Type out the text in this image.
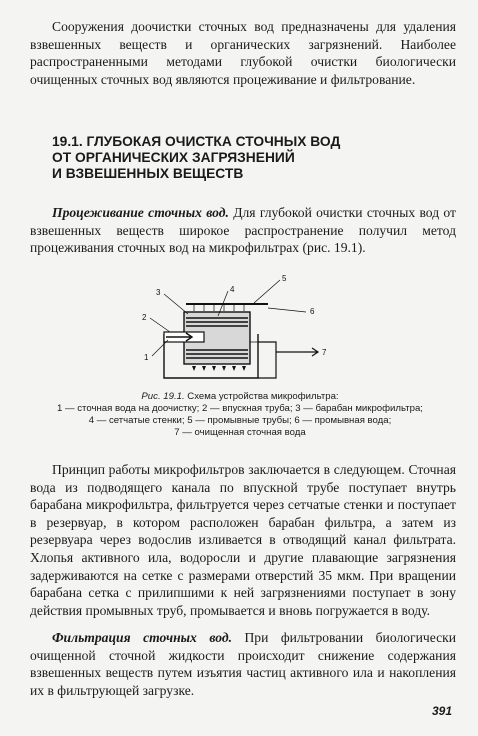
Сооружения доочистки сточных вод предназначены для удаления взвешенных веществ и органических загрязнений. Наиболее распространенными методами глубокой очистки биологически очищенных сточных вод являются процеживание и фильтрование.

19.1. ГЛУБОКАЯ ОЧИСТКА СТОЧНЫХ ВОД
ОТ ОРГАНИЧЕСКИХ ЗАГРЯЗНЕНИЙ
И ВЗВЕШЕННЫХ ВЕЩЕСТВ

Процеживание сточных вод. Для глубокой очистки сточных вод от взвешенных веществ широкое распространение получил метод процеживания сточных вод на микрофильтрах (рис. 19.1).

1
2
3	4
5
6
7

Рис. 19.1. Схема устройства микрофильтра:
1 — сточная вода на доочистку; 2 — впускная труба; 3 — барабан микрофильтра;
4 — сетчатые стенки; 5 — промывные трубы; 6 — промывная вода;
7 — очищенная сточная вода

Принцип работы микрофильтров заключается в следующем. Сточная вода из подводящего канала по впускной трубе поступает внутрь барабана микрофильтра, фильтруется через сетчатые стенки и поступает в резервуар, в котором расположен барабан фильтра, а затем из резервуара через водослив изливается в отводящий канал фильтрата. Хлопья активного ила, водоросли и другие плавающие загрязнения задерживаются на сетке с размерами отверстий 35 мкм. При вращении барабана сетка с прилипшими к ней загрязнениями поступает в зону действия промывных труб, промывается и вновь погружается в воду.

Фильтрация сточных вод. При фильтровании биологически очищенной сточной жидкости происходит снижение содержания взвешенных веществ путем изъятия частиц активного ила и накопления их в фильтрующей загрузке.

391
